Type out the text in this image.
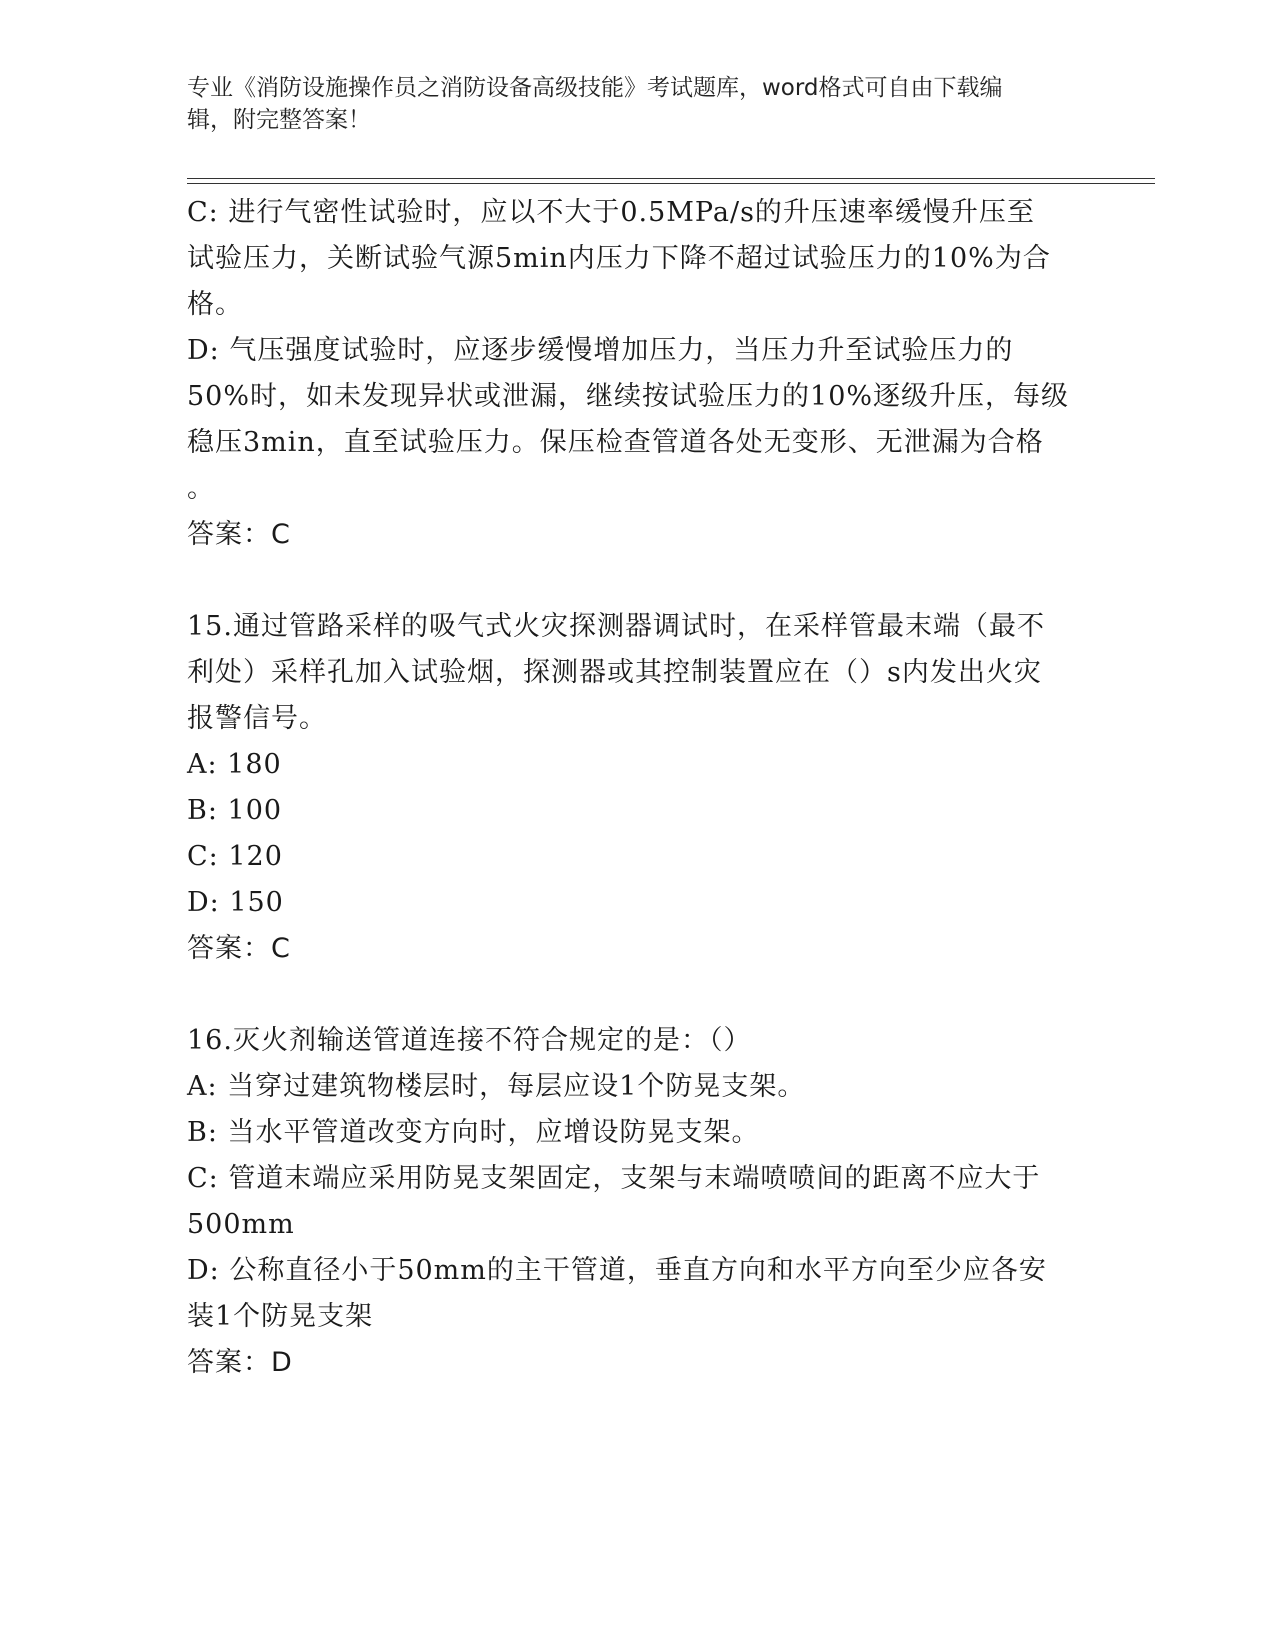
专业《消防设施操作员之消防设备高级技能》考试题库，word格式可自由下载编
辑，附完整答案！
C: 进行气密性试验时，应以不大于0.5MPa/s的升压速率缓慢升压至
试验压力，关断试验气源5min内压力下降不超过试验压力的10%为合
格。
D: 气压强度试验时，应逐步缓慢增加压力，当压力升至试验压力的
50%时，如未发现异状或泄漏，继续按试验压力的10%逐级升压，每级
稳压3min，直至试验压力。保压检查管道各处无变形、无泄漏为合格
。
答案：C
15.通过管路采样的吸气式火灾探测器调试时，在采样管最末端（最不
利处）采样孔加入试验烟，探测器或其控制装置应在（）s内发出火灾
报警信号。
A: 180
B: 100
C: 120
D: 150
答案：C
16.灭火剂输送管道连接不符合规定的是：（）
A: 当穿过建筑物楼层时，每层应设1个防晃支架。
B: 当水平管道改变方向时，应增设防晃支架。
C: 管道末端应采用防晃支架固定，支架与末端喷喷间的距离不应大于
500mm
D: 公称直径小于50mm的主干管道，垂直方向和水平方向至少应各安
装1个防晃支架
答案：D
